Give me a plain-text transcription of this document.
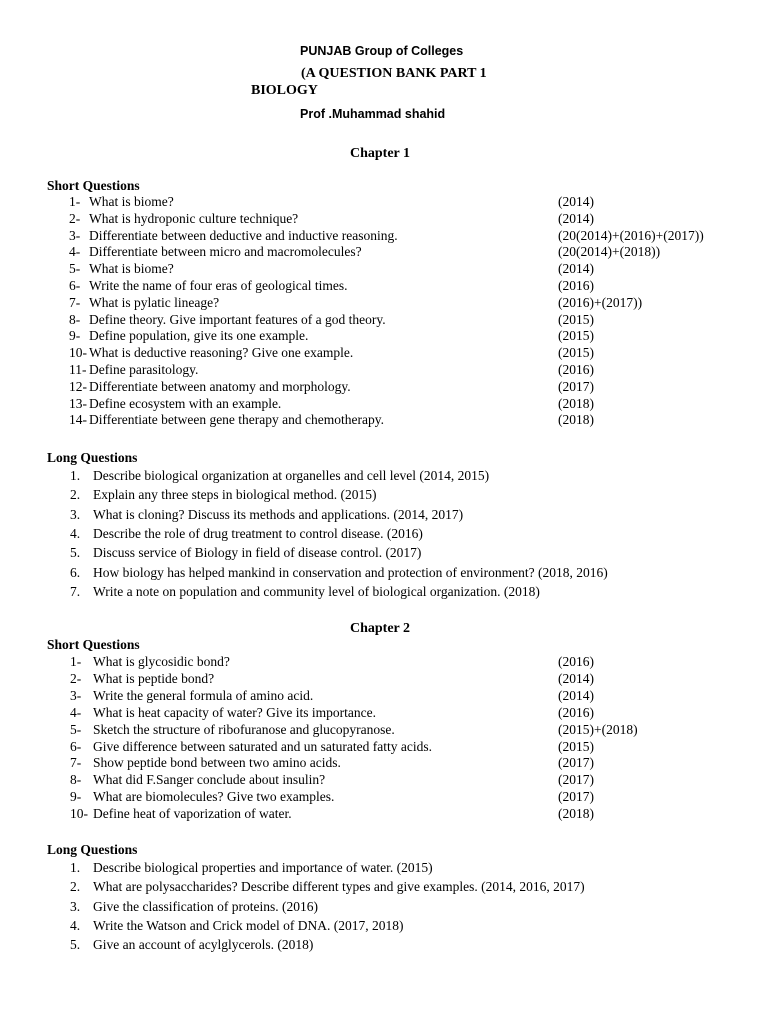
PUNJAB Group of Colleges
(A QUESTION BANK PART 1
BIOLOGY
Prof .Muhammad shahid
Chapter 1
Short Questions
1- What is biome?	(2014)
2- What is hydroponic culture technique?	(2014)
3- Differentiate between deductive and inductive reasoning.	(20(2014)+(2016)+(2017))
4- Differentiate between micro and macromolecules?	(20(2014)+(2018))
5- What is biome?	(2014)
6- Write the name of four eras of geological times.	(2016)
7- What is pylatic lineage?	(2016)+(2017))
8- Define theory. Give important features of a god theory.	(2015)
9- Define population, give its one example.	(2015)
10- What is deductive reasoning? Give one example.	(2015)
11- Define parasitology.	(2016)
12- Differentiate between anatomy and morphology.	(2017)
13- Define ecosystem with an example.	(2018)
14- Differentiate between gene therapy and chemotherapy.	(2018)
Long Questions
1. Describe biological organization at organelles and cell level (2014, 2015)
2. Explain any three steps in biological method. (2015)
3. What is cloning? Discuss its methods and applications. (2014, 2017)
4. Describe the role of drug treatment to control disease. (2016)
5. Discuss service of Biology in field of disease control. (2017)
6. How biology has helped mankind in conservation and protection of environment? (2018, 2016)
7. Write a note on population and community level of biological organization. (2018)
Chapter 2
Short Questions
1- What is glycosidic bond?	(2016)
2- What is peptide bond?	(2014)
3- Write the general formula of amino acid.	(2014)
4- What is heat capacity of water? Give its importance.	(2016)
5- Sketch the structure of ribofuranose and glucopyranose.	(2015)+(2018)
6- Give difference between saturated and un saturated fatty acids.	(2015)
7- Show peptide bond between two amino acids.	(2017)
8- What did F.Sanger conclude about insulin?	(2017)
9- What are biomolecules? Give two examples.	(2017)
10- Define heat of vaporization of water.	(2018)
Long Questions
1. Describe biological properties and importance of water. (2015)
2. What are polysaccharides? Describe different types and give examples. (2014, 2016, 2017)
3. Give the classification of proteins. (2016)
4. Write the Watson and Crick model of DNA. (2017, 2018)
5. Give an account of acylglycerols. (2018)
